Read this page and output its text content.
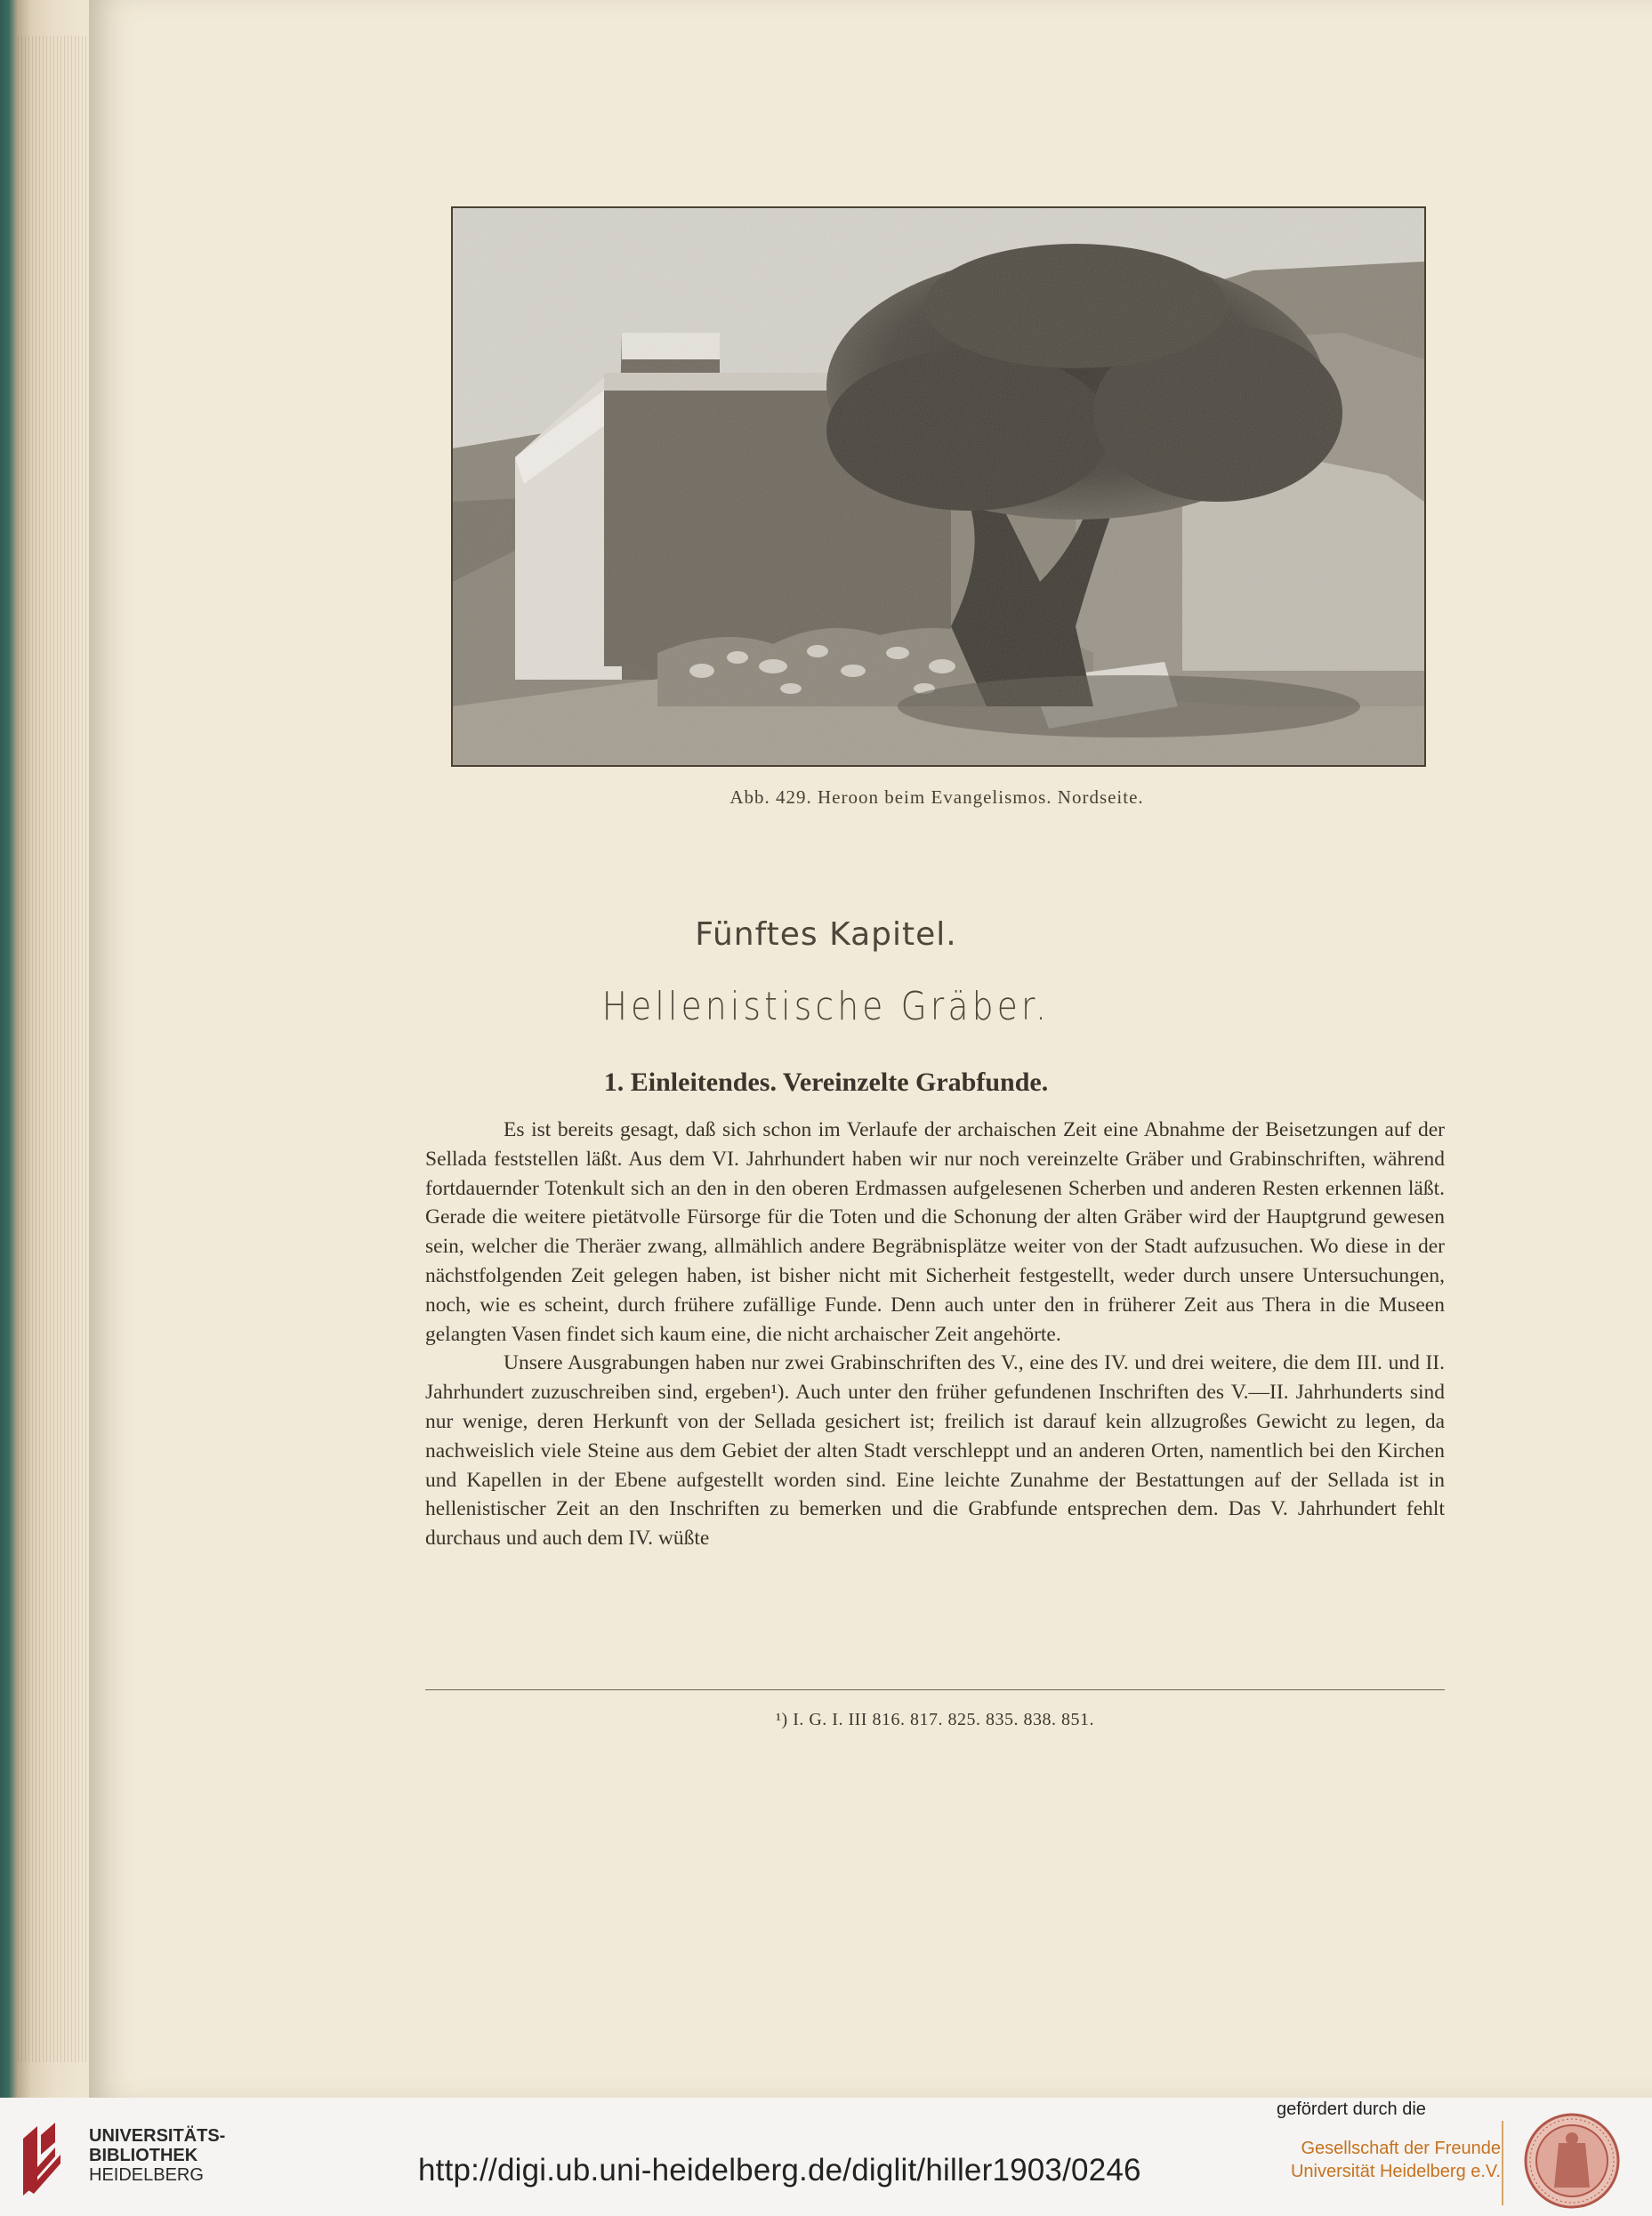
Abb. 429. Heroon beim Evangelismos. Nordseite.
Fünftes Kapitel.
Hellenistische Gräber.
1. Einleitendes. Vereinzelte Grabfunde.

Es ist bereits gesagt, daß sich schon im Verlaufe der archaischen Zeit eine Abnahme der Beisetzungen auf der Sellada feststellen läßt. Aus dem VI. Jahrhundert haben wir nur noch vereinzelte Gräber und Grabinschriften, während fortdauernder Totenkult sich an den in den oberen Erdmassen aufgelesenen Scherben und anderen Resten erkennen läßt. Gerade die weitere pietätvolle Fürsorge für die Toten und die Schonung der alten Gräber wird der Hauptgrund gewesen sein, welcher die Theräer zwang, allmählich andere Begräbnisplätze weiter von der Stadt aufzusuchen. Wo diese in der nächstfolgenden Zeit gelegen haben, ist bisher nicht mit Sicherheit festgestellt, weder durch unsere Untersuchungen, noch, wie es scheint, durch frühere zufällige Funde. Denn auch unter den in früherer Zeit aus Thera in die Museen gelangten Vasen findet sich kaum eine, die nicht archaischer Zeit angehörte.

Unsere Ausgrabungen haben nur zwei Grabinschriften des V., eine des IV. und drei weitere, die dem III. und II. Jahrhundert zuzuschreiben sind, ergeben¹). Auch unter den früher gefundenen Inschriften des V.—II. Jahrhunderts sind nur wenige, deren Herkunft von der Sellada gesichert ist; freilich ist darauf kein allzugroßes Gewicht zu legen, da nachweislich viele Steine aus dem Gebiet der alten Stadt verschleppt und an anderen Orten, namentlich bei den Kirchen und Kapellen in der Ebene aufgestellt worden sind. Eine leichte Zunahme der Bestattungen auf der Sellada ist in hellenistischer Zeit an den Inschriften zu bemerken und die Grabfunde entsprechen dem. Das V. Jahrhundert fehlt durchaus und auch dem IV. wüßte

¹) I. G. I. III 816. 817. 825. 835. 838. 851.
UNIVERSITÄTS-
BIBLIOTHEK
HEIDELBERG	http://digi.ub.uni-heidelberg.de/diglit/hiller1903/0246
gefördert durch die
Gesellschaft der Freunde
Universität Heidelberg e.V.
